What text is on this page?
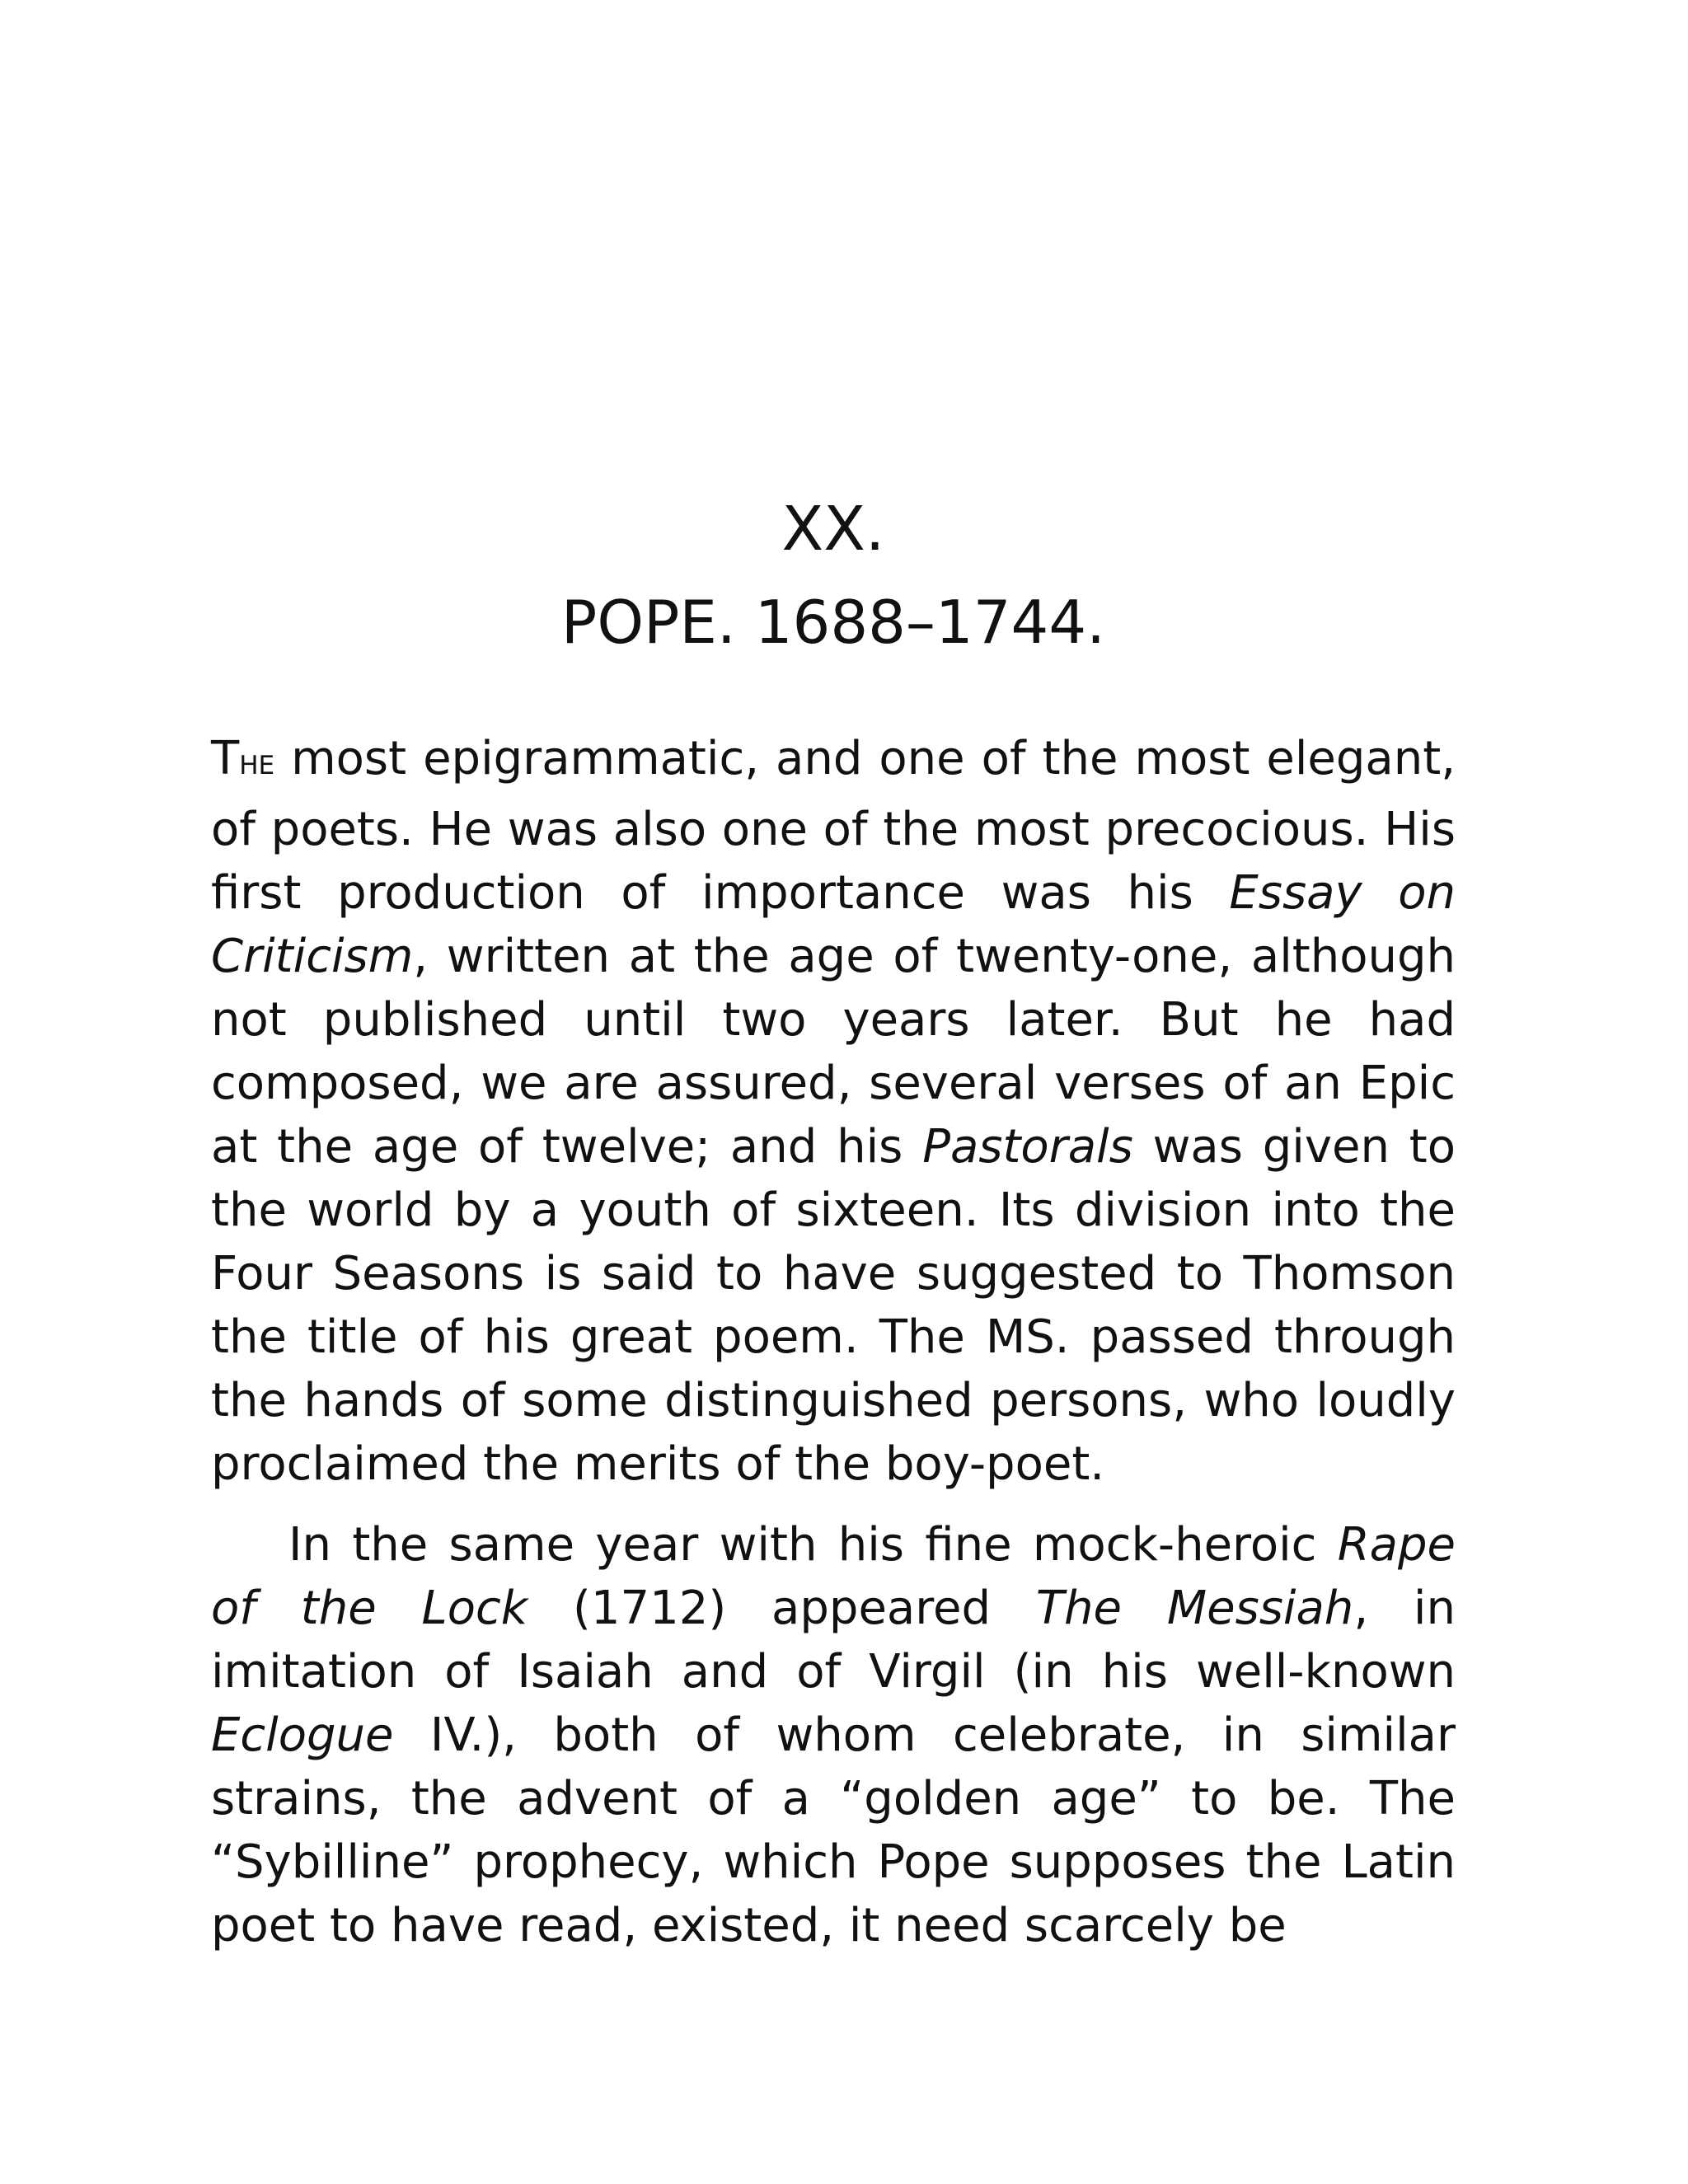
XX.
POPE. 1688–1744.

THE most epigrammatic, and one of the most elegant, of poets. He was also one of the most precocious. His first production of importance was his Essay on Criticism, written at the age of twenty-one, although not published until two years later. But he had composed, we are assured, several verses of an Epic at the age of twelve; and his Pastorals was given to the world by a youth of sixteen. Its division into the Four Seasons is said to have suggested to Thomson the title of his great poem. The MS. passed through the hands of some distinguished persons, who loudly proclaimed the merits of the boy-poet.

In the same year with his fine mock-heroic Rape of the Lock (1712) appeared The Messiah, in imitation of Isaiah and of Virgil (in his well-known Eclogue IV.), both of whom celebrate, in similar strains, the advent of a “golden age” to be. The “Sybilline” prophecy, which Pope supposes the Latin poet to have read, existed, it need scarcely be
